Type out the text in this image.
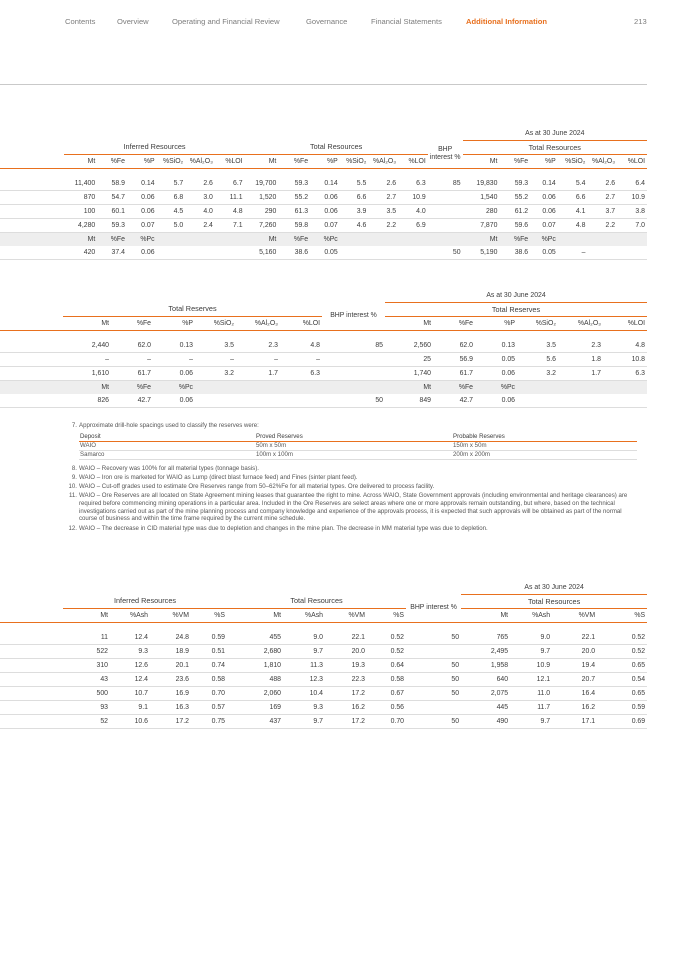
Contents	Overview	Operating and Financial Review	Governance	Financial Statements	Additional Information	213
														As at 30 June 2024					
	Inferred Resources						Total Resources						BHP interest %	Total Resources					
	Mt	%Fe	%P	%SiO₂	%Al₂O₃	%LOI	Mt	%Fe	%P	%SiO₂	%Al₂O₃	%LOI		Mt	%Fe	%P	%SiO₂	%Al₂O₃	%LOI

	11,400	58.9	0.14	5.7	2.6	6.7	19,700	59.3	0.14	5.5	2.6	6.3	85	19,830	59.3	0.14	5.4	2.6	6.4
	870	54.7	0.06	6.8	3.0	11.1	1,520	55.2	0.06	6.6	2.7	10.9		1,540	55.2	0.06	6.6	2.7	10.9
	100	60.1	0.06	4.5	4.0	4.8	290	61.3	0.06	3.9	3.5	4.0		280	61.2	0.06	4.1	3.7	3.8
	4,280	59.3	0.07	5.0	2.4	7.1	7,260	59.8	0.07	4.6	2.2	6.9		7,870	59.6	0.07	4.8	2.2	7.0
	Mt	%Fe	%Pc				Mt	%Fe	%Pc					Mt	%Fe	%Pc			
	420	37.4	0.06				5,160	38.6	0.05				50	5,190	38.6	0.05	–		
								As at 30 June 2024					
	Total Reserves						BHP interest %	Total Reserves					
	Mt	%Fe	%P	%SiO₂	%Al₂O₃	%LOI		Mt	%Fe	%P	%SiO₂	%Al₂O₃	%LOI

	2,440	62.0	0.13	3.5	2.3	4.8	85	2,560	62.0	0.13	3.5	2.3	4.8
	–	–	–	–	–	–		25	56.9	0.05	5.6	1.8	10.8
	1,610	61.7	0.06	3.2	1.7	6.3		1,740	61.7	0.06	3.2	1.7	6.3
	Mt	%Fe	%Pc					Mt	%Fe	%Pc			
	826	42.7	0.06				50	849	42.7	0.06			
7. Approximate drill-hole spacings used to classify the reserves were:
Deposit	Proved Reserves	Probable Reserves
WAIO	50m x 50m	150m x 50m
Samarco	100m x 100m	200m x 200m
8. WAIO – Recovery was 100% for all material types (tonnage basis).
9. WAIO – Iron ore is marketed for WAIO as Lump (direct blast furnace feed) and Fines (sinter plant feed).
10. WAIO – Cut-off grades used to estimate Ore Reserves range from 50–62%Fe for all material types. Ore delivered to process facility.
11. WAIO – Ore Reserves are all located on State Agreement mining leases that guarantee the right to mine. Across WAIO, State Government approvals (including environmental and heritage clearances) are required before commencing mining operations in a particular area. Included in the Ore Reserves are select areas where one or more approvals remain outstanding, but where, based on the technical investigations carried out as part of the mine planning process and company knowledge and experience of the approvals process, it is expected that such approvals will be obtained as part of the normal course of business and within the time frame required by the current mine schedule.
12. WAIO – The decrease in CID material type was due to depletion and changes in the mine plan. The decrease in MM material type was due to depletion.
										As at 30 June 2024			
	Inferred Resources				Total Resources				BHP interest %	Total Resources			
	Mt	%Ash	%VM	%S	Mt	%Ash	%VM	%S		Mt	%Ash	%VM	%S

	11	12.4	24.8	0.59	455	9.0	22.1	0.52	50	765	9.0	22.1	0.52
	522	9.3	18.9	0.51	2,680	9.7	20.0	0.52		2,495	9.7	20.0	0.52
	310	12.6	20.1	0.74	1,810	11.3	19.3	0.64	50	1,958	10.9	19.4	0.65
	43	12.4	23.6	0.58	488	12.3	22.3	0.58	50	640	12.1	20.7	0.54
	500	10.7	16.9	0.70	2,060	10.4	17.2	0.67	50	2,075	11.0	16.4	0.65
	93	9.1	16.3	0.57	169	9.3	16.2	0.56		445	11.7	16.2	0.59
	52	10.6	17.2	0.75	437	9.7	17.2	0.70	50	490	9.7	17.1	0.69
